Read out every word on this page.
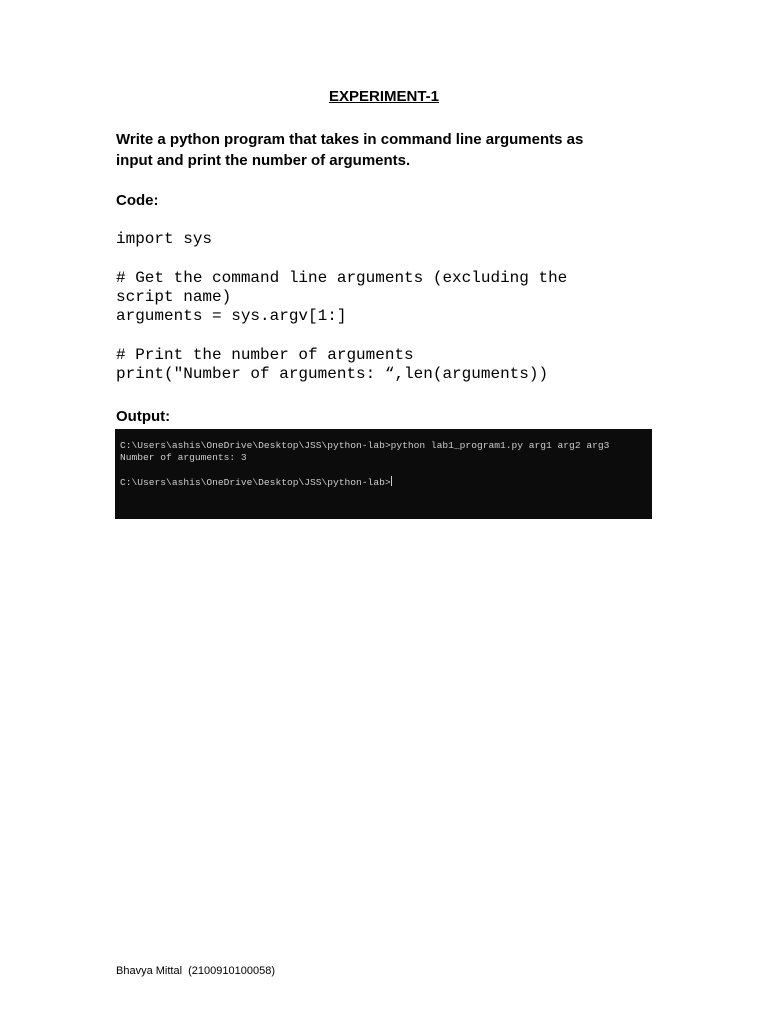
EXPERIMENT-1
Write a python program that takes in command line arguments as
input and print the number of arguments.
Code:
import sys
# Get the command line arguments (excluding the
script name)
arguments = sys.argv[1:]
# Print the number of arguments
print("Number of arguments: “,len(arguments))
Output:
C:\Users\ashis\OneDrive\Desktop\JSS\python-lab>python lab1_program1.py arg1 arg2 arg3
Number of arguments: 3
C:\Users\ashis\OneDrive\Desktop\JSS\python-lab>
Bhavya Mittal  (2100910100058)
